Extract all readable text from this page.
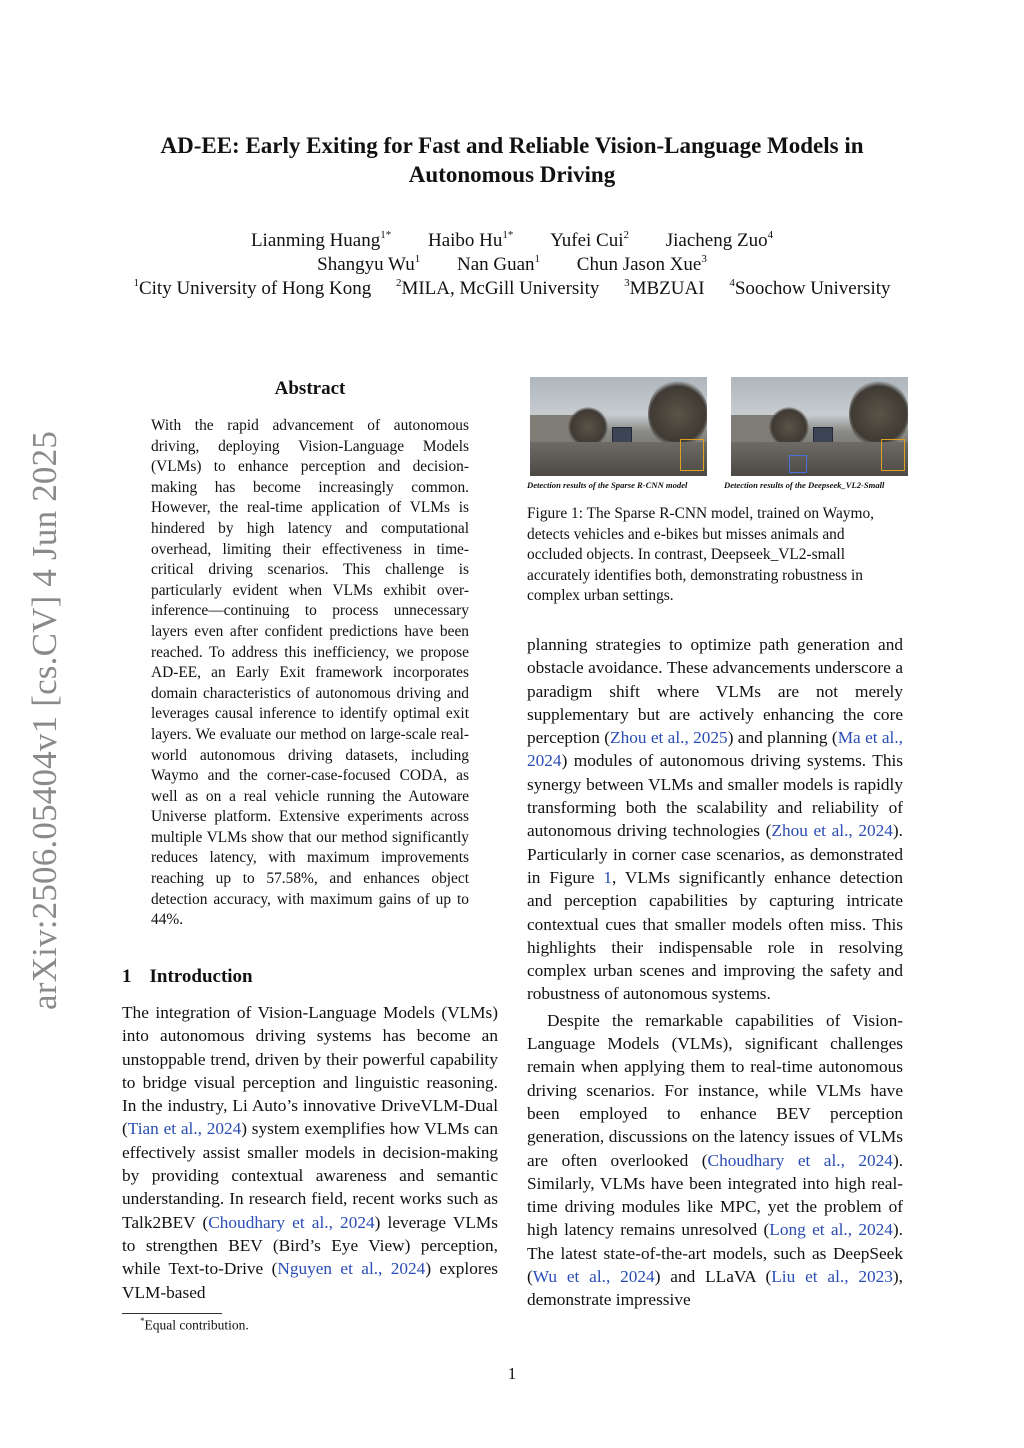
arXiv:2506.05404v1 [cs.CV] 4 Jun 2025
AD-EE: Early Exiting for Fast and Reliable Vision-Language Models in
Autonomous Driving
Lianming Huang$^{1*}$ Haibo $Hu^{1*}$ Yufei Cui$^2$ Jiacheng Zuo$^4$
Shangyu Wu$^1$ Nan Guan$^1$ Chun Jason Xue$^3$
$^1$City University of Hong Kong $^2$MILA, McGill University $^3$MBZUAI $^4$Soochow University
Abstract
With the rapid advancement of autonomous driving, deploying Vision-Language Models (VLMs) to enhance perception and decision-making has become increasingly common. However, the real-time application of VLMs is hindered by high latency and computational overhead, limiting their effectiveness in time-critical driving scenarios. This challenge is particularly evident when VLMs exhibit over-inference—continuing to process unnecessary layers even after confident predictions have been reached. To address this inefficiency, we propose AD-EE, an Early Exit framework incorporates domain characteristics of autonomous driving and leverages causal inference to identify optimal exit layers. We evaluate our method on large-scale real-world autonomous driving datasets, including Waymo and the corner-case-focused CODA, as well as on a real vehicle running the Autoware Universe platform. Extensive experiments across multiple VLMs show that our method significantly reduces latency, with maximum improvements reaching up to 57.58%, and enhances object detection accuracy, with maximum gains of up to 44%.
1 Introduction

The integration of Vision-Language Models (VLMs) into autonomous driving systems has become an unstoppable trend, driven by their powerful capability to bridge visual perception and linguistic reasoning. In the industry, Li Auto’s innovative DriveVLM-Dual (Tian et al., 2024) system exemplifies how VLMs can effectively assist smaller models in decision-making by providing contextual awareness and semantic understanding. In research field, recent works such as Talk2BEV (Choudhary et al., 2024) leverage VLMs to strengthen BEV (Bird’s Eye View) perception, while Text-to-Drive (Nguyen et al., 2024) explores VLM-based

*Equal contribution.
Detection results of the Sparse R-CNN model	Detection results of the Deepseek_VL2-Small
Figure 1: The Sparse R-CNN model, trained on Waymo, detects vehicles and e-bikes but misses animals and occluded objects. In contrast, Deepseek_VL2-small accurately identifies both, demonstrating robustness in complex urban settings.

planning strategies to optimize path generation and obstacle avoidance. These advancements underscore a paradigm shift where VLMs are not merely supplementary but are actively enhancing the core perception (Zhou et al., 2025) and planning (Ma et al., 2024) modules of autonomous driving systems. This synergy between VLMs and smaller models is rapidly transforming both the scalability and reliability of autonomous driving technologies (Zhou et al., 2024). Particularly in corner case scenarios, as demonstrated in Figure 1, VLMs significantly enhance detection and perception capabilities by capturing intricate contextual cues that smaller models often miss. This highlights their indispensable role in resolving complex urban scenes and improving the safety and robustness of autonomous systems.

Despite the remarkable capabilities of Vision-Language Models (VLMs), significant challenges remain when applying them to real-time autonomous driving scenarios. For instance, while VLMs have been employed to enhance BEV perception generation, discussions on the latency issues of VLMs are often overlooked (Choudhary et al., 2024). Similarly, VLMs have been integrated into high real-time driving modules like MPC, yet the problem of high latency remains unresolved (Long et al., 2024). The latest state-of-the-art models, such as DeepSeek (Wu et al., 2024) and LLaVA (Liu et al., 2023), demonstrate impressive

1
